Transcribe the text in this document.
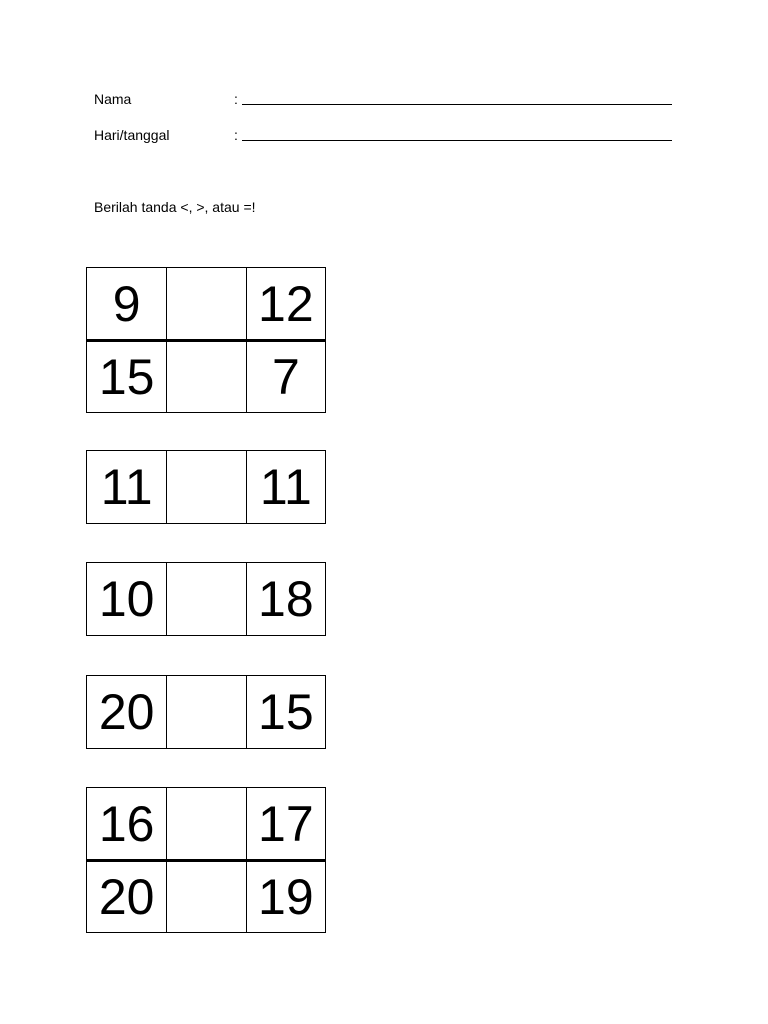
Nama	:
Hari/tanggal	:
Berilah tanda <, >, atau =!
9	12
15	7
11 11
10 18
20 15
16 17
20 19
